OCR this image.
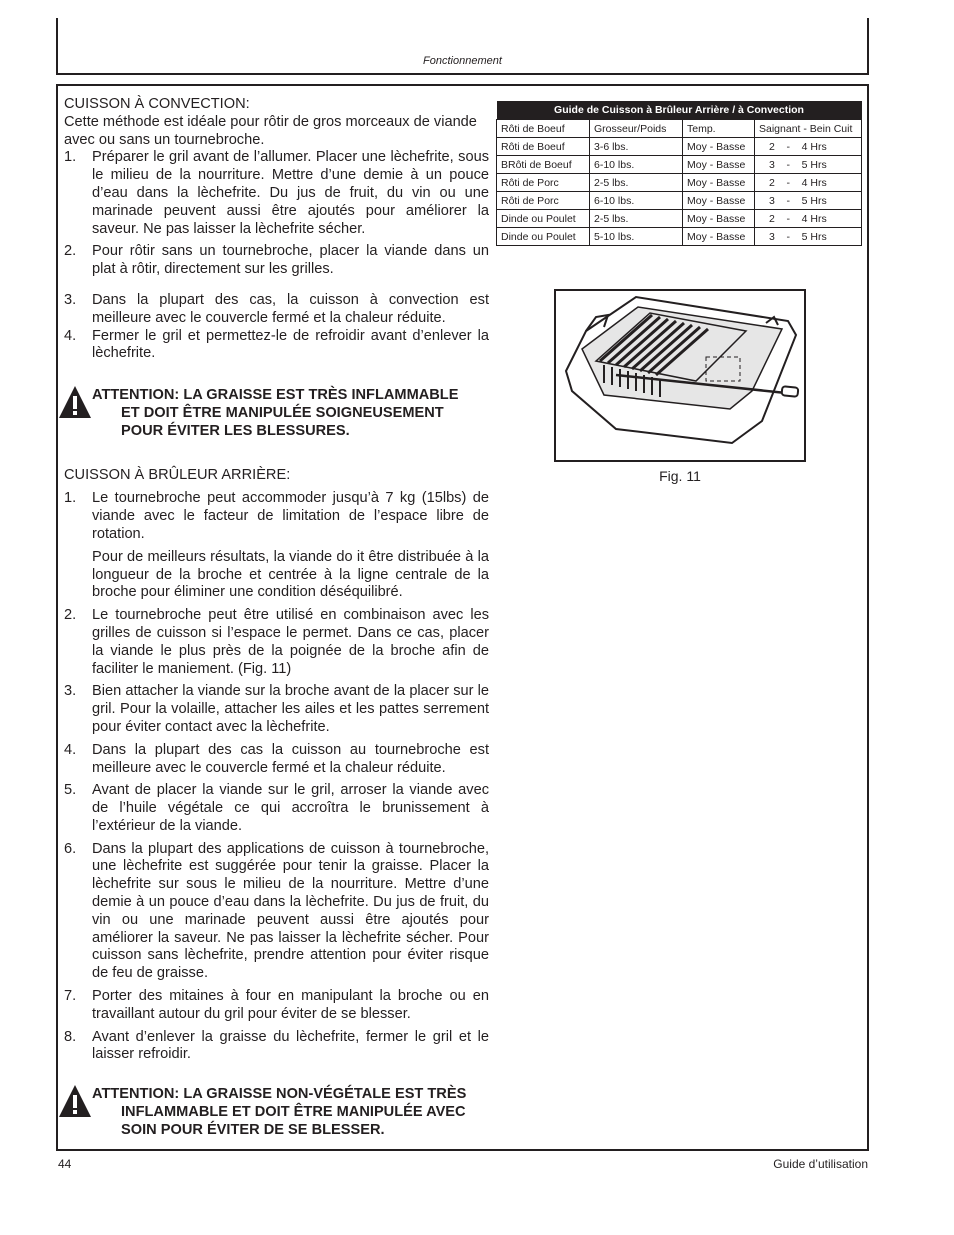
Fonctionnement

CUISSON À CONVECTION:

Cette méthode est idéale pour rôtir de gros morceaux de viande avec ou sans un tournebroche.

1. Préparer le gril avant de l’allumer. Placer une lèchefrite, sous le milieu de la nourriture. Mettre d’une demie à un pouce d’eau dans la lèchefrite. Du jus de fruit, du vin ou une marinade peuvent aussi être ajoutés pour améliorer la saveur. Ne pas laisser la lèchefrite sécher.

2. Pour rôtir sans un tournebroche, placer la viande dans un plat à rôtir, directement sur les grilles.

3. Dans la plupart des cas, la cuisson à convection est meilleure avec le couvercle fermé et la chaleur réduite.

4. Fermer le gril et permettez-le de refroidir avant d’enlever la lèchefrite.

ATTENTION: LA GRAISSE EST TRÈS INFLAMMABLE
ET DOIT ÊTRE MANIPULÉE SOIGNEUSEMENT
POUR ÉVITER LES BLESSURES.

CUISSON À BRÛLEUR ARRIÈRE:

1. Le tournebroche peut accommoder jusqu’à 7 kg (15lbs) de viande avec le facteur de limitation de l’espace libre de rotation.

Pour de meilleurs résultats, la viande do it être distribuée à la longueur de la broche et centrée à la ligne centrale de la broche pour éliminer une condition déséquilibré.

2. Le tournebroche peut être utilisé en combinaison avec les grilles de cuisson si l’espace le permet. Dans ce cas, placer la viande le plus près de la poignée de la broche afin de faciliter le maniement. (Fig. 11)

3. Bien attacher la viande sur la broche avant de la placer sur le gril. Pour la volaille, attacher les ailes et les pattes serrement pour éviter contact avec la lèchefrite.

4. Dans la plupart des cas la cuisson au tournebroche est meilleure avec le couvercle fermé et la chaleur réduite.

5. Avant de placer la viande sur le gril, arroser la viande avec de l’huile végétale ce qui accroîtra le brunissement à l’extérieur de la viande.

6. Dans la plupart des applications de cuisson à tournebroche, une lèchefrite est suggérée pour tenir la graisse. Placer la lèchefrite sur sous le milieu de la nourriture. Mettre d’une demie à un pouce d’eau dans la lèchefrite. Du jus de fruit, du vin ou une marinade peuvent aussi être ajoutés pour améliorer la saveur. Ne pas laisser la lèchefrite sécher. Pour cuisson sans lèchefrite, prendre attention pour éviter risque de feu de graisse.

7. Porter des mitaines à four en manipulant la broche ou en travaillant autour du gril pour éviter de se blesser.

8. Avant d’enlever la graisse du lèchefrite, fermer le gril et le laisser refroidir.

ATTENTION: LA GRAISSE NON-VÉGÉTALE EST TRÈS
INFLAMMABLE ET DOIT ÊTRE MANIPULÉE AVEC
SOIN POUR ÉVITER DE SE BLESSER.
Guide de Cuisson à Brûleur Arrière / à Convection			
Rôti de Boeuf	Grosseur/Poids	Temp.	Saignant - Bein Cuit
Rôti de Boeuf	3-6 lbs.	Moy - Basse	2    -    4 Hrs
BRôti de Boeuf	6-10 lbs.	Moy - Basse	3    -    5 Hrs
Rôti de Porc	2-5 lbs.	Moy - Basse	2    -    4 Hrs
Rôti de Porc	6-10 lbs.	Moy - Basse	3    -    5 Hrs
Dinde ou Poulet	2-5 lbs.	Moy - Basse	2    -    4 Hrs
Dinde ou Poulet	5-10 lbs.	Moy - Basse	3    -    5 Hrs
Fig. 11
44	Guide d’utilisation
